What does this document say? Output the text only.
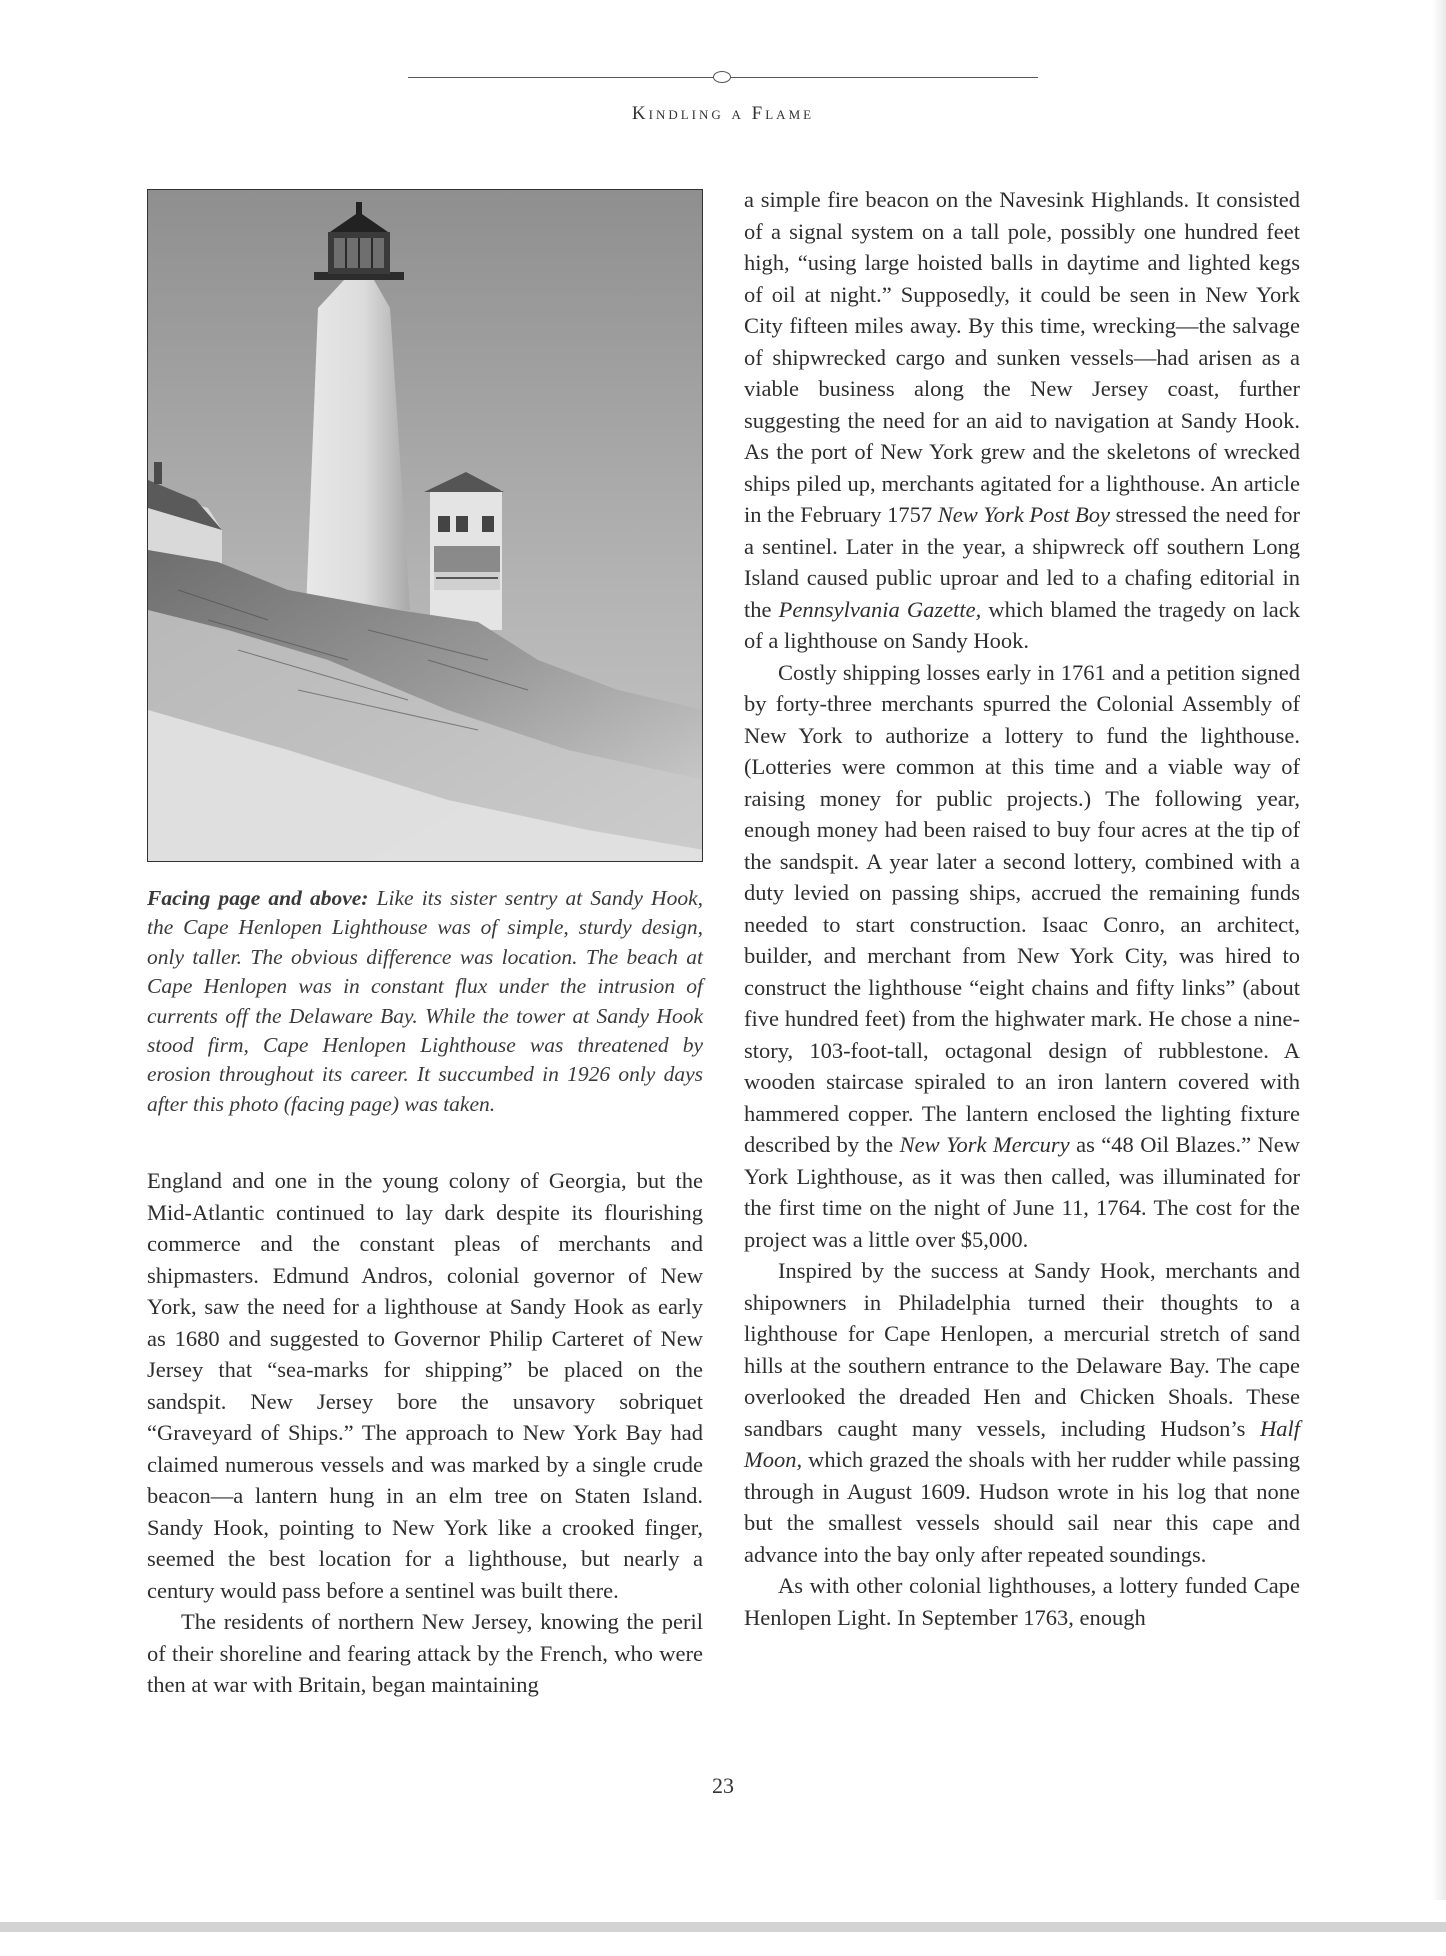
Kindling a Flame
Facing page and above: Like its sister sentry at Sandy Hook, the Cape Henlopen Lighthouse was of simple, sturdy design, only taller. The obvious difference was location. The beach at Cape Henlopen was in constant flux under the intrusion of currents off the Delaware Bay. While the tower at Sandy Hook stood firm, Cape Henlopen Lighthouse was threatened by erosion throughout its career. It succumbed in 1926 only days after this photo (facing page) was taken.

England and one in the young colony of Georgia, but the Mid-Atlantic continued to lay dark despite its flourishing commerce and the constant pleas of merchants and shipmasters. Edmund Andros, colonial governor of New York, saw the need for a lighthouse at Sandy Hook as early as 1680 and suggested to Governor Philip Carteret of New Jersey that “sea-marks for shipping” be placed on the sandspit. New Jersey bore the unsavory sobriquet “Graveyard of Ships.” The approach to New York Bay had claimed numerous vessels and was marked by a single crude beacon—a lantern hung in an elm tree on Staten Island. Sandy Hook, pointing to New York like a crooked finger, seemed the best location for a lighthouse, but nearly a century would pass before a sentinel was built there.

The residents of northern New Jersey, knowing the peril of their shoreline and fearing attack by the French, who were then at war with Britain, began maintaining

a simple fire beacon on the Navesink Highlands. It consisted of a signal system on a tall pole, possibly one hundred feet high, “using large hoisted balls in daytime and lighted kegs of oil at night.” Supposedly, it could be seen in New York City fifteen miles away. By this time, wrecking—the salvage of shipwrecked cargo and sunken vessels—had arisen as a viable business along the New Jersey coast, further suggesting the need for an aid to navigation at Sandy Hook. As the port of New York grew and the skeletons of wrecked ships piled up, merchants agitated for a lighthouse. An article in the February 1757 New York Post Boy stressed the need for a sentinel. Later in the year, a shipwreck off southern Long Island caused public uproar and led to a chafing editorial in the Pennsylvania Gazette, which blamed the tragedy on lack of a lighthouse on Sandy Hook.

Costly shipping losses early in 1761 and a petition signed by forty-three merchants spurred the Colonial Assembly of New York to authorize a lottery to fund the lighthouse. (Lotteries were common at this time and a viable way of raising money for public projects.) The following year, enough money had been raised to buy four acres at the tip of the sandspit. A year later a second lottery, combined with a duty levied on passing ships, accrued the remaining funds needed to start construction. Isaac Conro, an architect, builder, and merchant from New York City, was hired to construct the lighthouse “eight chains and fifty links” (about five hundred feet) from the highwater mark. He chose a nine-story, 103-foot-tall, octagonal design of rubblestone. A wooden staircase spiraled to an iron lantern covered with hammered copper. The lantern enclosed the lighting fixture described by the New York Mercury as “48 Oil Blazes.” New York Lighthouse, as it was then called, was illuminated for the first time on the night of June 11, 1764. The cost for the project was a little over $5,000.

Inspired by the success at Sandy Hook, merchants and shipowners in Philadelphia turned their thoughts to a lighthouse for Cape Henlopen, a mercurial stretch of sand hills at the southern entrance to the Delaware Bay. The cape overlooked the dreaded Hen and Chicken Shoals. These sandbars caught many vessels, including Hudson’s Half Moon, which grazed the shoals with her rudder while passing through in August 1609. Hudson wrote in his log that none but the smallest vessels should sail near this cape and advance into the bay only after repeated soundings.

As with other colonial lighthouses, a lottery funded Cape Henlopen Light. In September 1763, enough

23
